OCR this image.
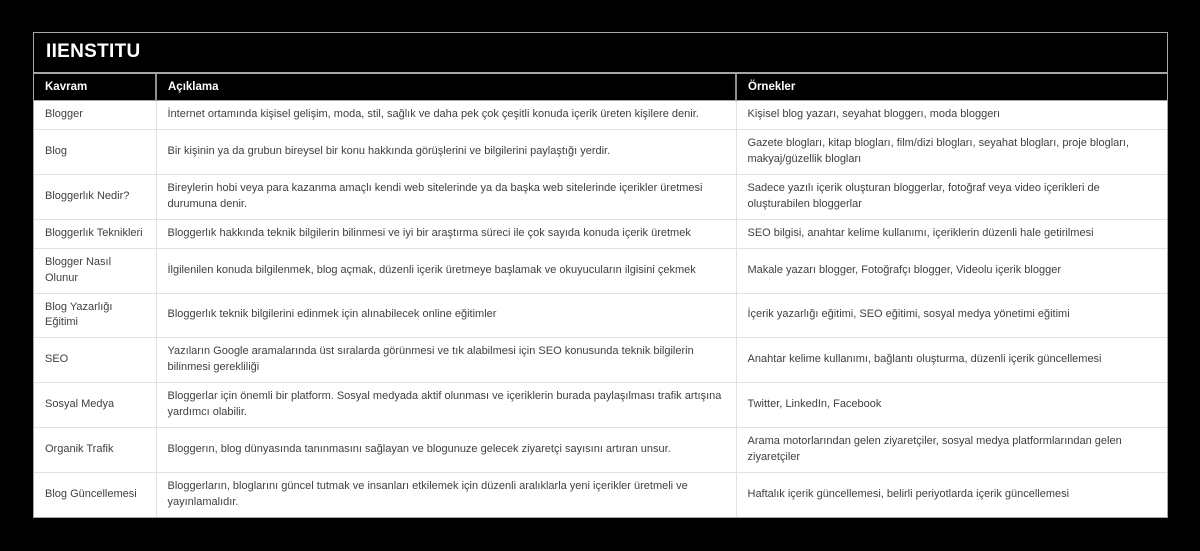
IIENSTITU
Kavram	Açıklama	Örnekler
Blogger	İnternet ortamında kişisel gelişim, moda, stil, sağlık ve daha pek çok çeşitli konuda içerik üreten kişilere denir.	Kişisel blog yazarı, seyahat bloggerı, moda bloggerı
Blog	Bir kişinin ya da grubun bireysel bir konu hakkında görüşlerini ve bilgilerini paylaştığı yerdir.	Gazete blogları, kitap blogları, film/dizi blogları, seyahat blogları, proje blogları, makyaj/güzellik blogları
Bloggerlık Nedir?	Bireylerin hobi veya para kazanma amaçlı kendi web sitelerinde ya da başka web sitelerinde içerikler üretmesi durumuna denir.	Sadece yazılı içerik oluşturan bloggerlar, fotoğraf veya video içerikleri de oluşturabilen bloggerlar
Bloggerlık Teknikleri	Bloggerlık hakkında teknik bilgilerin bilinmesi ve iyi bir araştırma süreci ile çok sayıda konuda içerik üretmek	SEO bilgisi, anahtar kelime kullanımı, içeriklerin düzenli hale getirilmesi
Blogger Nasıl Olunur	İlgilenilen konuda bilgilenmek, blog açmak, düzenli içerik üretmeye başlamak ve okuyucuların ilgisini çekmek	Makale yazarı blogger, Fotoğrafçı blogger, Videolu içerik blogger
Blog Yazarlığı Eğitimi	Bloggerlık teknik bilgilerini edinmek için alınabilecek online eğitimler	İçerik yazarlığı eğitimi, SEO eğitimi, sosyal medya yönetimi eğitimi
SEO	Yazıların Google aramalarında üst sıralarda görünmesi ve tık alabilmesi için SEO konusunda teknik bilgilerin bilinmesi gerekliliği	Anahtar kelime kullanımı, bağlantı oluşturma, düzenli içerik güncellemesi
Sosyal Medya	Bloggerlar için önemli bir platform. Sosyal medyada aktif olunması ve içeriklerin burada paylaşılması trafik artışına yardımcı olabilir.	Twitter, LinkedIn, Facebook
Organik Trafik	Bloggerın, blog dünyasında tanınmasını sağlayan ve blogunuze gelecek ziyaretçi sayısını artıran unsur.	Arama motorlarından gelen ziyaretçiler, sosyal medya platformlarından gelen ziyaretçiler
Blog Güncellemesi	Bloggerların, bloglarını güncel tutmak ve insanları etkilemek için düzenli aralıklarla yeni içerikler üretmeli ve yayınlamalıdır.	Haftalık içerik güncellemesi, belirli periyotlarda içerik güncellemesi
